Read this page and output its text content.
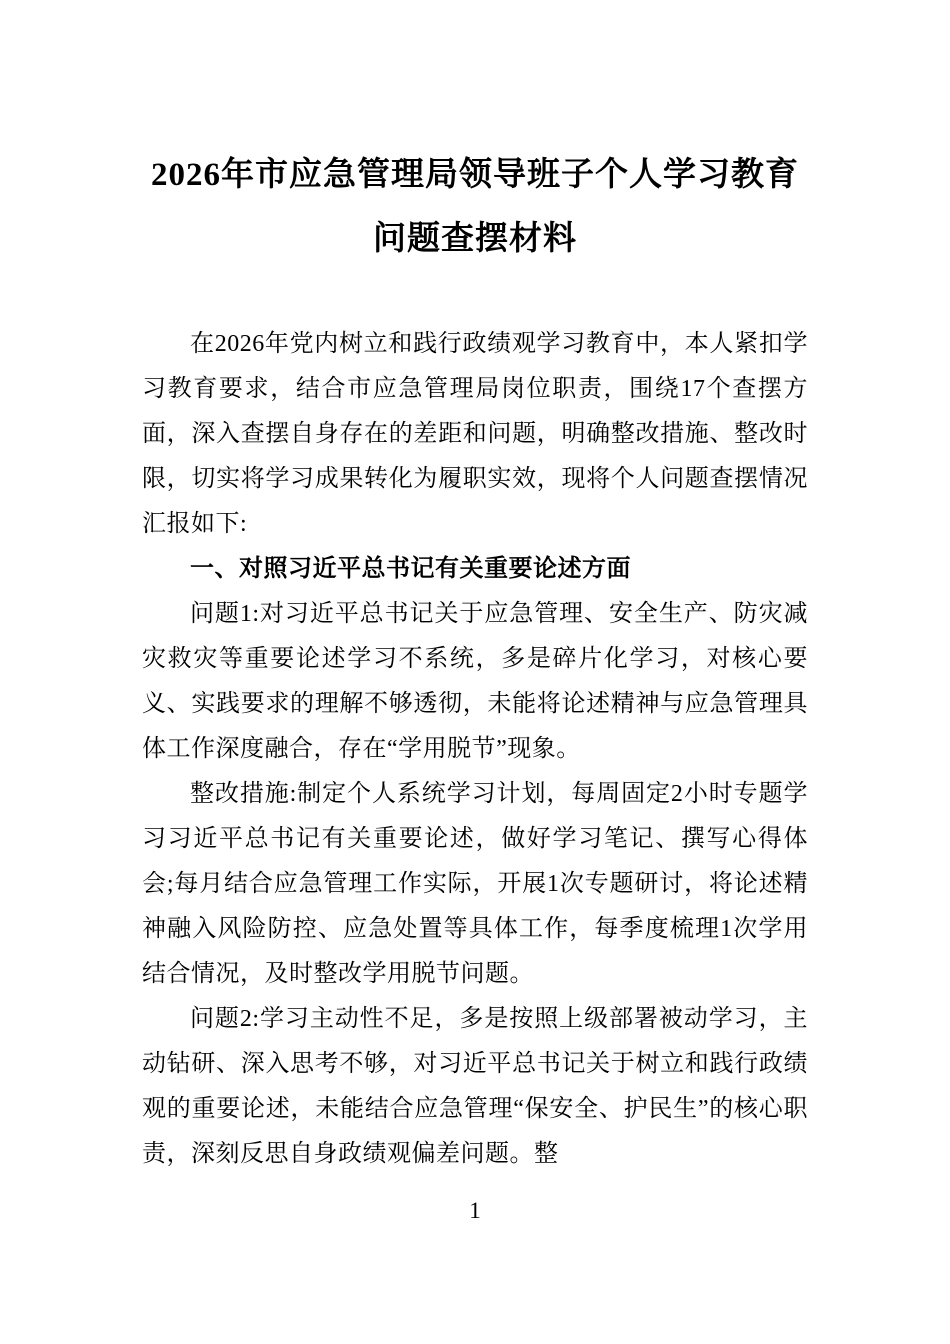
2026年市应急管理局领导班子个人学习教育问题查摆材料

在2026年党内树立和践行政绩观学习教育中，本人紧扣学习教育要求，结合市应急管理局岗位职责，围绕17个查摆方面，深入查摆自身存在的差距和问题，明确整改措施、整改时限，切实将学习成果转化为履职实效，现将个人问题查摆情况汇报如下:

一、对照习近平总书记有关重要论述方面

问题1:对习近平总书记关于应急管理、安全生产、防灾减灾救灾等重要论述学习不系统，多是碎片化学习，对核心要义、实践要求的理解不够透彻，未能将论述精神与应急管理具体工作深度融合，存在“学用脱节”现象。

整改措施:制定个人系统学习计划，每周固定2小时专题学习习近平总书记有关重要论述，做好学习笔记、撰写心得体会;每月结合应急管理工作实际，开展1次专题研讨，将论述精神融入风险防控、应急处置等具体工作，每季度梳理1次学用结合情况，及时整改学用脱节问题。

问题2:学习主动性不足，多是按照上级部署被动学习，主动钻研、深入思考不够，对习近平总书记关于树立和践行政绩观的重要论述，未能结合应急管理“保安全、护民生”的核心职责，深刻反思自身政绩观偏差问题。整

1
